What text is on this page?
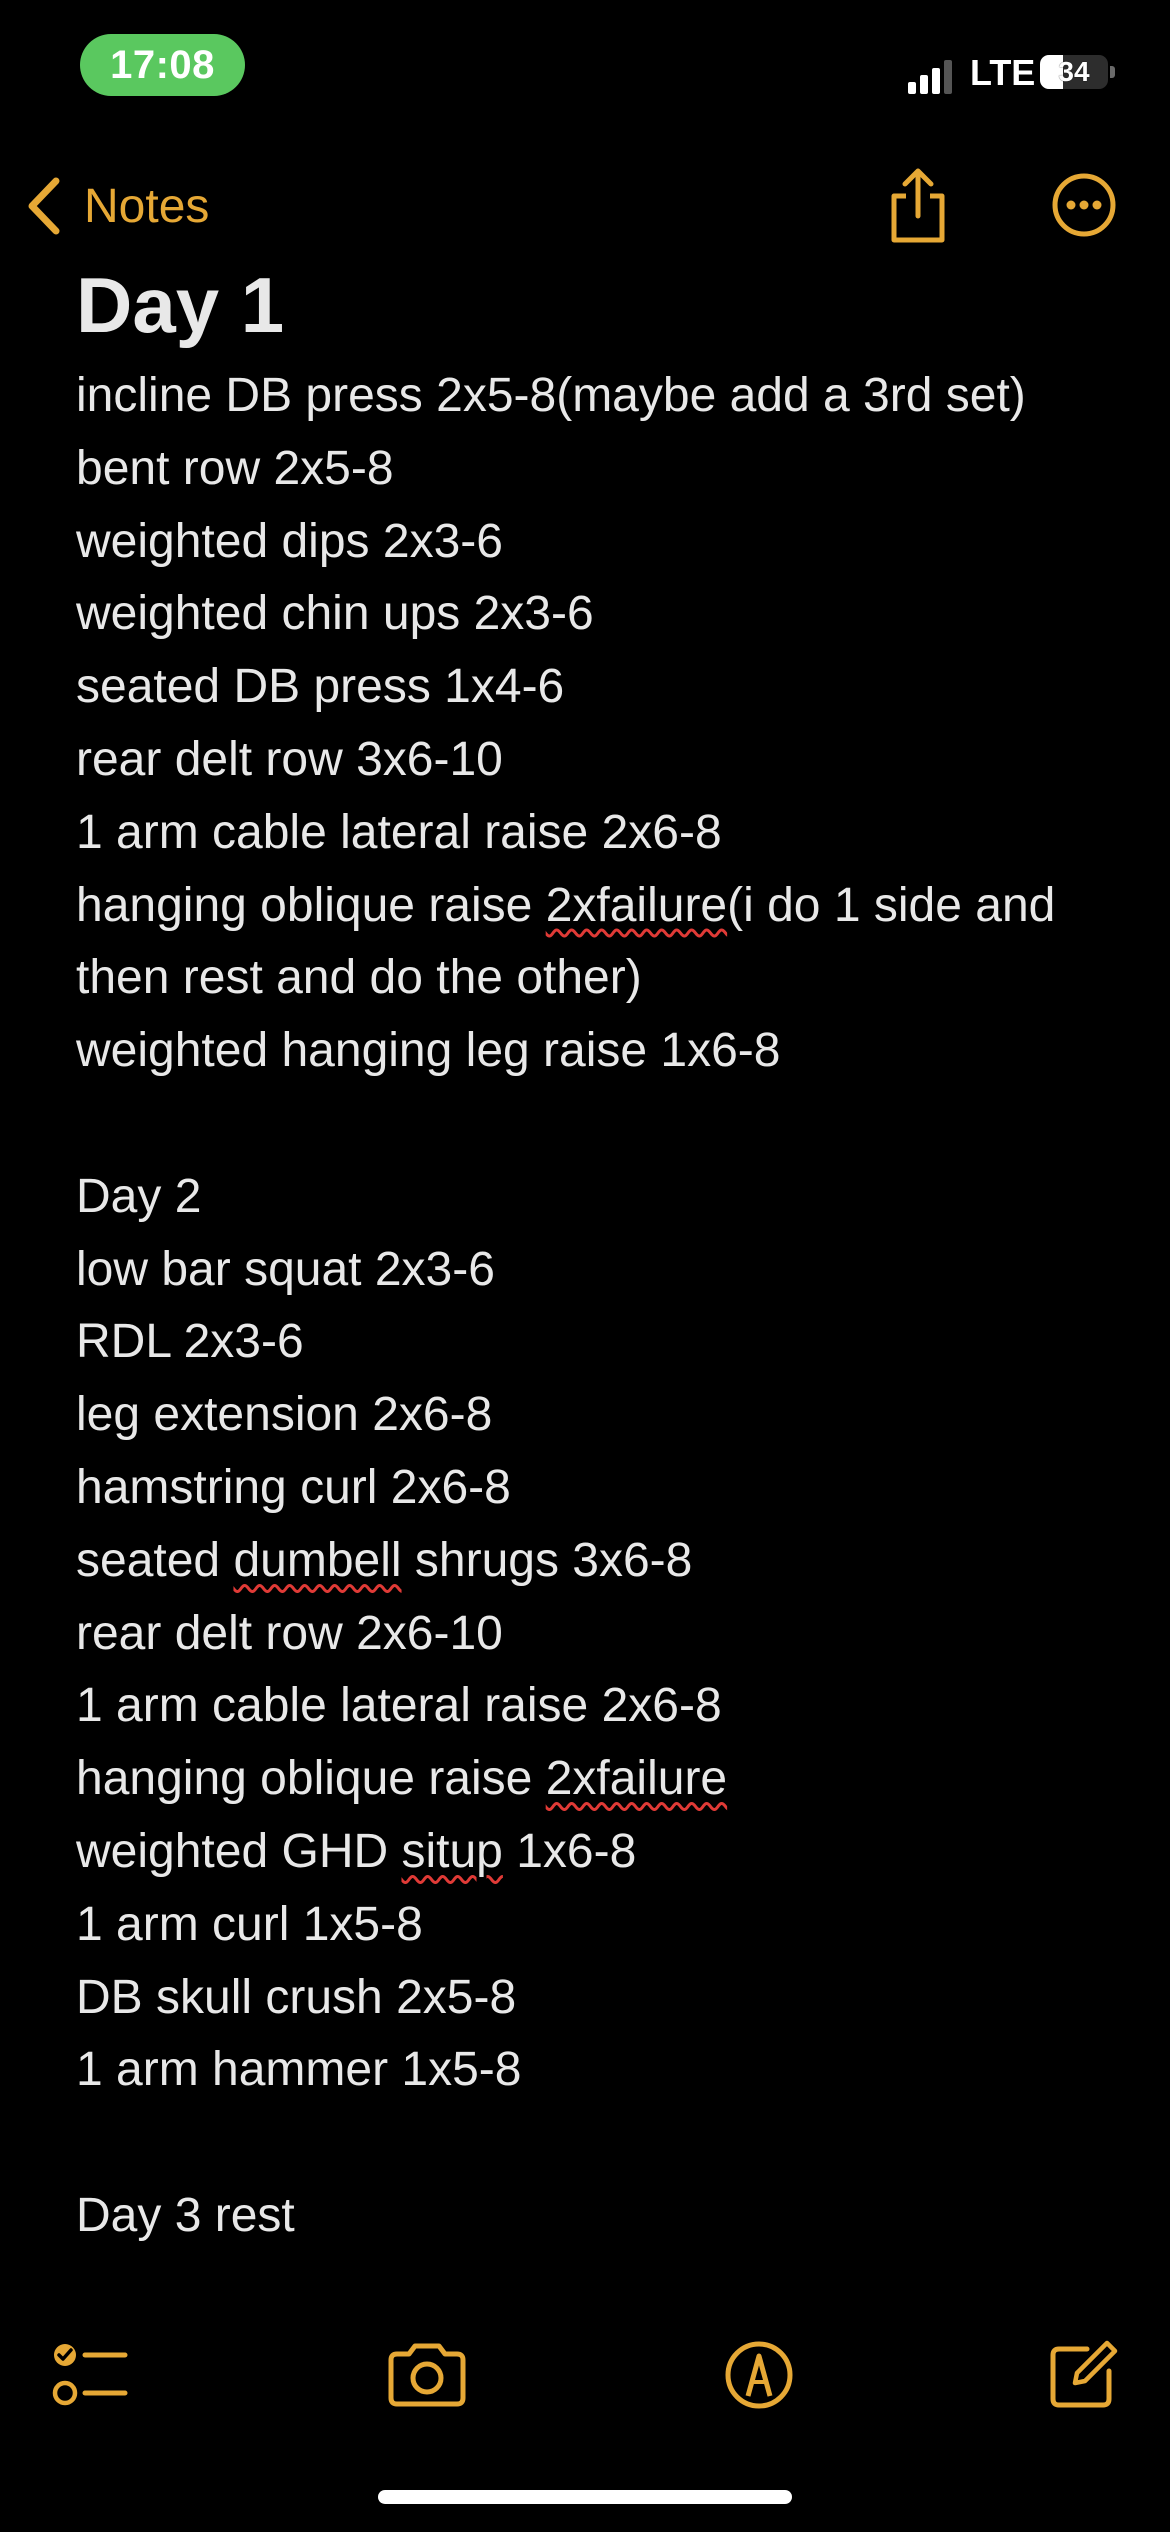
17:08	LTE 34
Notes
Day 1
incline DB press 2x5-8(maybe add a 3rd set)
bent row 2x5-8
weighted dips 2x3-6
weighted chin ups 2x3-6
seated DB press 1x4-6
rear delt row 3x6-10
1 arm cable lateral raise 2x6-8
hanging oblique raise 2xfailure(i do 1 side and then rest and do the other)
weighted hanging leg raise 1x6-8
Day 2
low bar squat 2x3-6
RDL 2x3-6
leg extension 2x6-8
hamstring curl 2x6-8
seated dumbell shrugs 3x6-8
rear delt row 2x6-10
1 arm cable lateral raise 2x6-8
hanging oblique raise 2xfailure
weighted GHD situp 1x6-8
1 arm curl 1x5-8
DB skull crush 2x5-8
1 arm hammer 1x5-8
Day 3 rest
